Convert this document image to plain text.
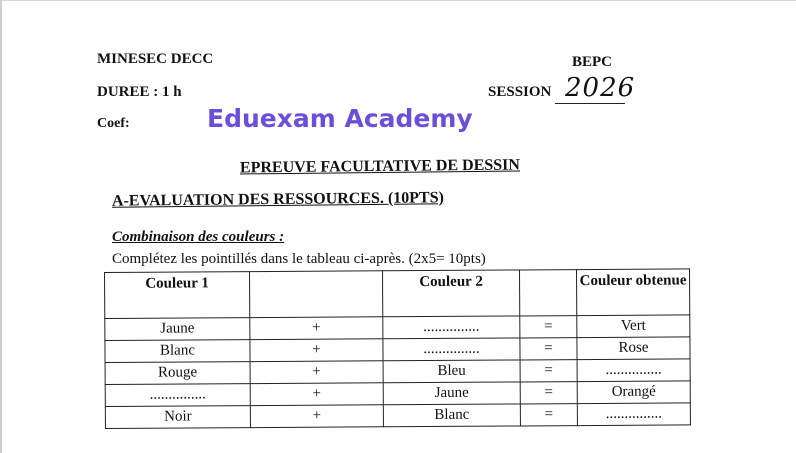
MINESEC DECC
DUREE : 1 h
Coef:
BEPC
SESSION 2026
Eduexam Academy
EPREUVE FACULTATIVE DE DESSIN
A-EVALUATION DES RESSOURCES. (10PTS)
Combinaison des couleurs :
Complétez les pointillés dans le tableau ci-après. (2x5= 10pts)
Couleur 1		Couleur 2		Couleur obtenue
Jaune	+	...............	=	Vert
Blanc	+	...............	=	Rose
Rouge	+	Bleu	=	...............
...............	+	Jaune	=	Orangé
Noir	+	Blanc	=	...............
